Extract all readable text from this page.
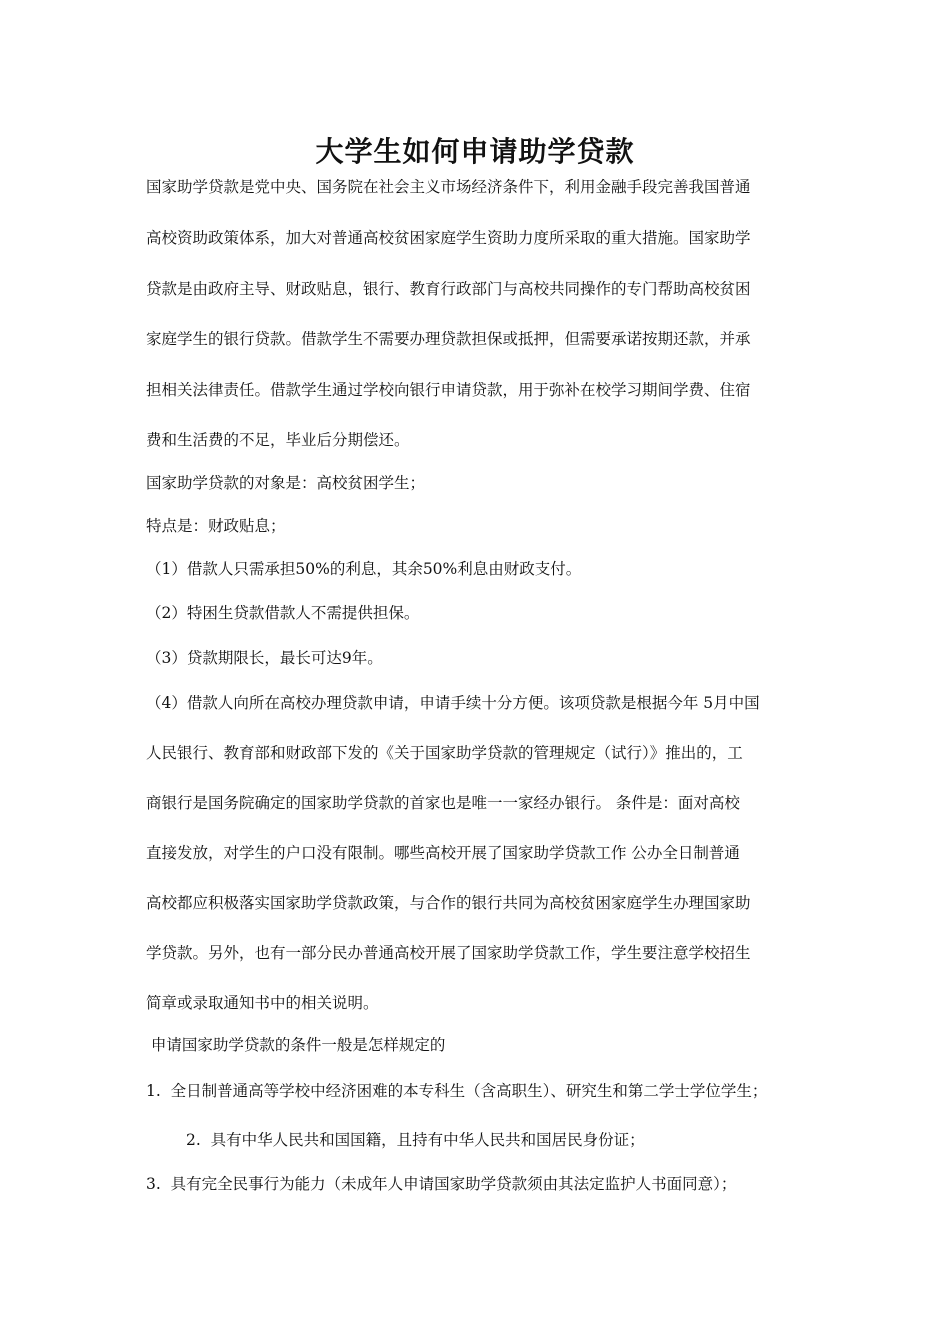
大学生如何申请助学贷款

国家助学贷款是党中央、国务院在社会主义市场经济条件下，利用金融手段完善我国普通

高校资助政策体系，加大对普通高校贫困家庭学生资助力度所采取的重大措施。国家助学

贷款是由政府主导、财政贴息，银行、教育行政部门与高校共同操作的专门帮助高校贫困

家庭学生的银行贷款。借款学生不需要办理贷款担保或抵押，但需要承诺按期还款，并承

担相关法律责任。借款学生通过学校向银行申请贷款，用于弥补在校学习期间学费、住宿

费和生活费的不足，毕业后分期偿还。

国家助学贷款的对象是：高校贫困学生；

特点是：财政贴息；

（1）借款人只需承担50%的利息，其余50%利息由财政支付。

（2）特困生贷款借款人不需提供担保。

（3）贷款期限长，最长可达9年。

（4）借款人向所在高校办理贷款申请，申请手续十分方便。该项贷款是根据今年 5月中国

人民银行、教育部和财政部下发的《关于国家助学贷款的管理规定（试行）》推出的，工

商银行是国务院确定的国家助学贷款的首家也是唯一一家经办银行。 条件是：面对高校

直接发放，对学生的户口没有限制。哪些高校开展了国家助学贷款工作 公办全日制普通

高校都应积极落实国家助学贷款政策，与合作的银行共同为高校贫困家庭学生办理国家助

学贷款。另外，也有一部分民办普通高校开展了国家助学贷款工作，学生要注意学校招生

简章或录取通知书中的相关说明。

申请国家助学贷款的条件一般是怎样规定的

1.  全日制普通高等学校中经济困难的本专科生（含高职生）、研究生和第二学士学位学生；

2.  具有中华人民共和国国籍，且持有中华人民共和国居民身份证；

3.  具有完全民事行为能力（未成年人申请国家助学贷款须由其法定监护人书面同意）；
